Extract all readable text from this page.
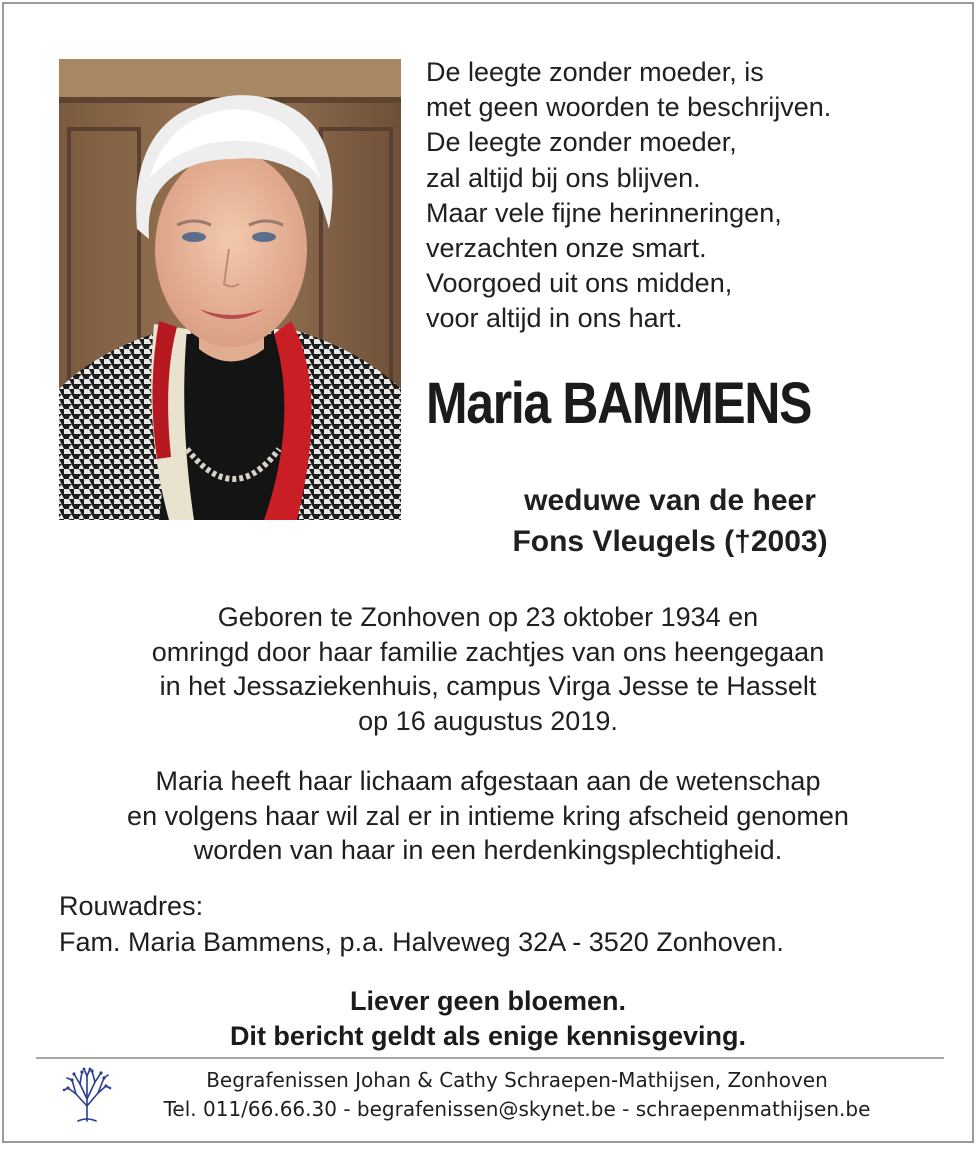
De leegte zonder moeder, is
met geen woorden te beschrijven.
De leegte zonder moeder,
zal altijd bij ons blijven.
Maar vele fijne herinneringen,
verzachten onze smart.
Voorgoed uit ons midden,
voor altijd in ons hart.
Maria BAMMENS
weduwe van de heer
Fons Vleugels (†2003)
Geboren te Zonhoven op 23 oktober 1934 en
omringd door haar familie zachtjes van ons heengegaan
in het Jessaziekenhuis, campus Virga Jesse te Hasselt
op 16 augustus 2019.
Maria heeft haar lichaam afgestaan aan de wetenschap
en volgens haar wil zal er in intieme kring afscheid genomen
worden van haar in een herdenkingsplechtigheid.
Rouwadres:
Fam. Maria Bammens, p.a. Halveweg 32A - 3520 Zonhoven.
Liever geen bloemen.
Dit bericht geldt als enige kennisgeving.
Begrafenissen Johan & Cathy Schraepen-Mathijsen, Zonhoven
Tel. 011/66.66.30 - begrafenissen@skynet.be - schraepenmathijsen.be
